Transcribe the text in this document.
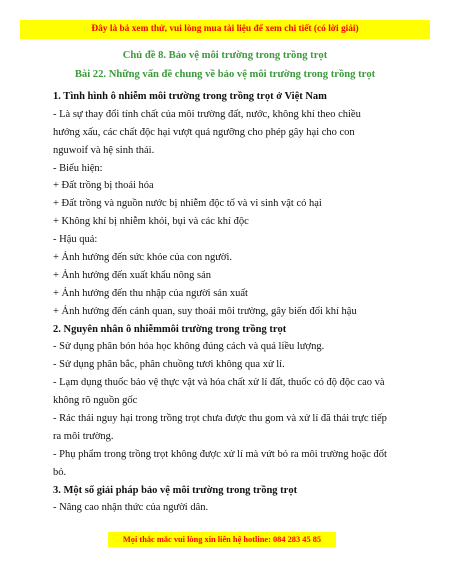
Đây là bả xem thử, vui lòng mua tài liệu để xem chi tiết (có lời giải)
Chủ đề 8. Bảo vệ môi trường trong trồng trọt
Bài 22. Những vấn đề chung về bảo vệ môi trường trong trồng trọt
1. Tình hình ô nhiễm môi trường trong trồng trọt ở Việt Nam
- Là sự thay đổi tính chất của môi trường đất, nước, không khí theo chiều
hướng xấu, các chất độc hại vượt quá ngưỡng cho phép gây hại cho con
nguwoif và hệ sinh thái.
- Biểu hiện:
+ Đất trồng bị thoái hóa
+ Đất trồng và nguồn nước bị nhiễm độc tố và vi sinh vật có hại
+ Không khí bị nhiễm khói, bụi và các khí độc
- Hậu quả:
+ Ảnh hưởng đến sức khỏe của con người.
+ Ảnh hưởng đến xuất khẩu nông sản
+ Ảnh hưởng đến thu nhập của người sản xuất
+ Ảnh hưởng đến cảnh quan, suy thoái môi trường, gây biến đổi khí hậu
2. Nguyên nhân ô nhiễmmôi trường trong trồng trọt
- Sử dụng phân bón hóa học không đúng cách và quá liều lượng.
- Sử dụng phân bắc, phân chuồng tươi không qua xử lí.
- Lạm dụng thuốc bảo vệ thực vật và hóa chất xử lí đất, thuốc có độ độc cao và
không rõ nguồn gốc
- Rác thải nguy hại trong trồng trọt chưa được thu gom và xử lí đã thải trực tiếp
ra môi trường.
- Phụ phẩm trong trồng trọt không được xử lí mà vứt bỏ ra môi trường hoặc đốt
bỏ.
3. Một số giải pháp bảo vệ môi trường trong trồng trọt
- Nâng cao nhận thức của người dân.
Mọi thắc mắc vui lòng xin liên hệ hotline: 084 283 45 85
